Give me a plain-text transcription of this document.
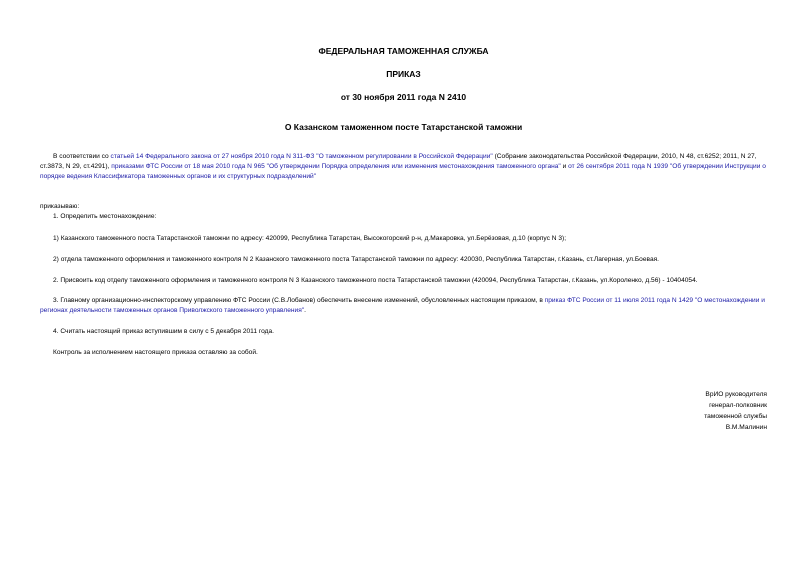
ФЕДЕРАЛЬНАЯ ТАМОЖЕННАЯ СЛУЖБА
ПРИКАЗ
от 30 ноября 2011 года N 2410
О Казанском таможенном посте Татарстанской таможни
В соответствии со статьей 14 Федерального закона от 27 ноября 2010 года N 311-ФЗ "О таможенном регулировании в Российской Федерации" (Собрание законодательства Российской Федерации, 2010, N 48, ст.6252; 2011, N 27, ст.3873, N 29, ст.4291), приказами ФТС России от 18 мая 2010 года N 965 "Об утверждении Порядка определения или изменения местонахождения таможенного органа" и от 26 сентября 2011 года N 1939 "Об утверждении Инструкции о порядке ведения Классификатора таможенных органов и их структурных подразделений"
приказываю:
1. Определить местонахождение:
1) Казанского таможенного поста Татарстанской таможни по адресу: 420099, Республика Татарстан, Высокогорский р-н, д.Макаровка, ул.Берёзовая, д.10 (корпус N 3);
2) отдела таможенного оформления и таможенного контроля N 2 Казанского таможенного поста Татарстанской таможни по адресу: 420030, Республика Татарстан, г.Казань, ст.Лагерная, ул.Боевая.
2. Присвоить код отделу таможенного оформления и таможенного контроля N 3 Казанского таможенного поста Татарстанской таможни (420094, Республика Татарстан, г.Казань, ул.Короленко, д.56) - 10404054.
3. Главному организационно-инспекторскому управлению ФТС России (С.В.Лобанов) обеспечить внесение изменений, обусловленных настоящим приказом, в приказ ФТС России от 11 июля 2011 года N 1429 "О местонахождении и регионах деятельности таможенных органов Приволжского таможенного управления".
4. Считать настоящий приказ вступившим в силу с 5 декабря 2011 года.
Контроль за исполнением настоящего приказа оставляю за собой.
ВрИО руководителя
генерал-полковник
таможенной службы
В.М.Малинин
